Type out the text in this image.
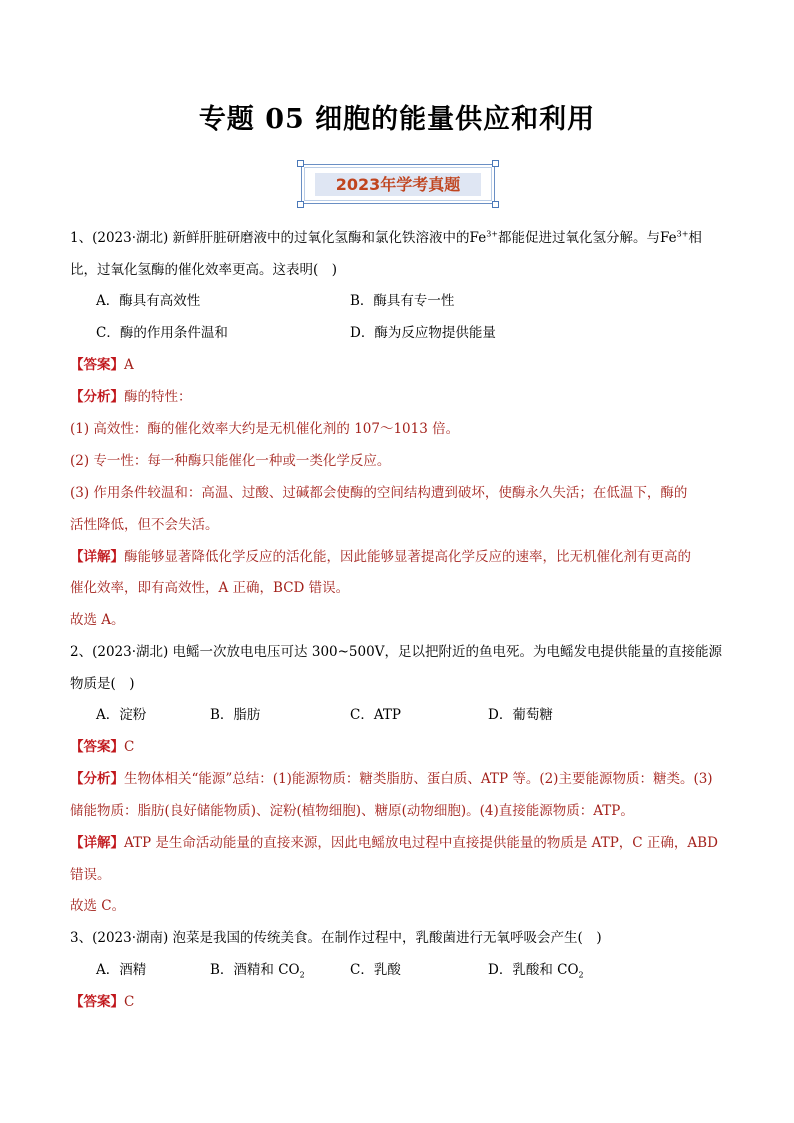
专题 05 细胞的能量供应和利用
2023年学考真题
1、(2023·湖北) 新鲜肝脏研磨液中的过氧化氢酶和氯化铁溶液中的$Fe^{3+}$都能促进过氧化氢分解。与$Fe^{3+}$相
比，过氧化氢酶的催化效率更高。这表明(　)
A．酶具有高效性	B．酶具有专一性
C．酶的作用条件温和	D．酶为反应物提供能量
【答案】A
【分析】酶的特性：
(1) 高效性：酶的催化效率大约是无机催化剂的 107～1013 倍。
(2) 专一性：每一种酶只能催化一种或一类化学反应。
(3) 作用条件较温和：高温、过酸、过碱都会使酶的空间结构遭到破坏，使酶永久失活；在低温下，酶的
活性降低，但不会失活。
【详解】酶能够显著降低化学反应的活化能，因此能够显著提高化学反应的速率，比无机催化剂有更高的
催化效率，即有高效性，A 正确，BCD 错误。
故选 A。
2、(2023·湖北) 电鳐一次放电电压可达 300~500V，足以把附近的鱼电死。为电鳐发电提供能量的直接能源
物质是(　)
A．淀粉	B．脂肪	C．ATP	D．葡萄糖
【答案】C
【分析】生物体相关“能源”总结：(1)能源物质：糖类脂肪、蛋白质、ATP 等。(2)主要能源物质：糖类。(3)
储能物质：脂肪(良好储能物质)、淀粉(植物细胞)、糖原(动物细胞)。(4)直接能源物质：ATP。
【详解】ATP 是生命活动能量的直接来源，因此电鳐放电过程中直接提供能量的物质是 ATP，C 正确，ABD
错误。
故选 C。
3、(2023·湖南) 泡菜是我国的传统美食。在制作过程中，乳酸菌进行无氧呼吸会产生(　)
A．酒精	B．酒精和 $CO_2$	C．乳酸	D．乳酸和 $CO_2$
【答案】C
